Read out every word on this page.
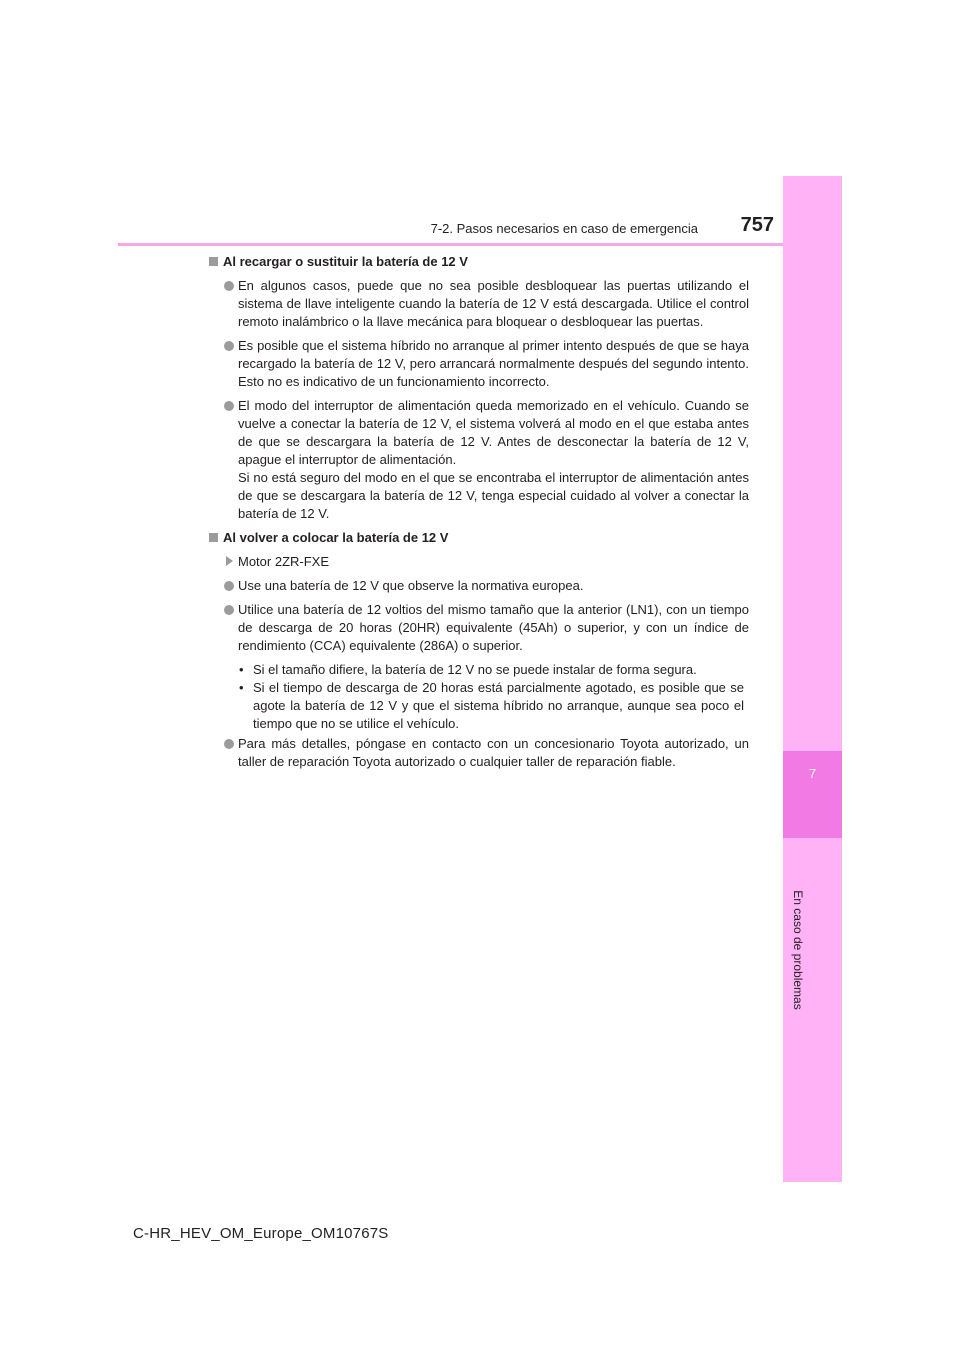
7-2. Pasos necesarios en caso de emergencia 757
7
En caso de problemas
Al recargar o sustituir la batería de 12 V
En algunos casos, puede que no sea posible desbloquear las puertas utilizando el sistema de llave inteligente cuando la batería de 12 V está descargada. Utilice el control remoto inalámbrico o la llave mecánica para bloquear o desbloquear las puertas.
Es posible que el sistema híbrido no arranque al primer intento después de que se haya recargado la batería de 12 V, pero arrancará normalmente después del segundo intento. Esto no es indicativo de un funcionamiento incorrecto.
El modo del interruptor de alimentación queda memorizado en el vehículo. Cuando se vuelve a conectar la batería de 12 V, el sistema volverá al modo en el que estaba antes de que se descargara la batería de 12 V. Antes de desconectar la batería de 12 V, apague el interruptor de alimentación.
Si no está seguro del modo en el que se encontraba el interruptor de alimentación antes de que se descargara la batería de 12 V, tenga especial cuidado al volver a conectar la batería de 12 V.
Al volver a colocar la batería de 12 V
Motor 2ZR-FXE
Use una batería de 12 V que observe la normativa europea.
Utilice una batería de 12 voltios del mismo tamaño que la anterior (LN1), con un tiempo de descarga de 20 horas (20HR) equivalente (45Ah) o superior, y con un índice de rendimiento (CCA) equivalente (286A) o superior.
• Si el tamaño difiere, la batería de 12 V no se puede instalar de forma segura.
• Si el tiempo de descarga de 20 horas está parcialmente agotado, es posible que se agote la batería de 12 V y que el sistema híbrido no arranque, aunque sea poco el tiempo que no se utilice el vehículo.
Para más detalles, póngase en contacto con un concesionario Toyota autorizado, un taller de reparación Toyota autorizado o cualquier taller de reparación fiable.
C-HR_HEV_OM_Europe_OM10767S
